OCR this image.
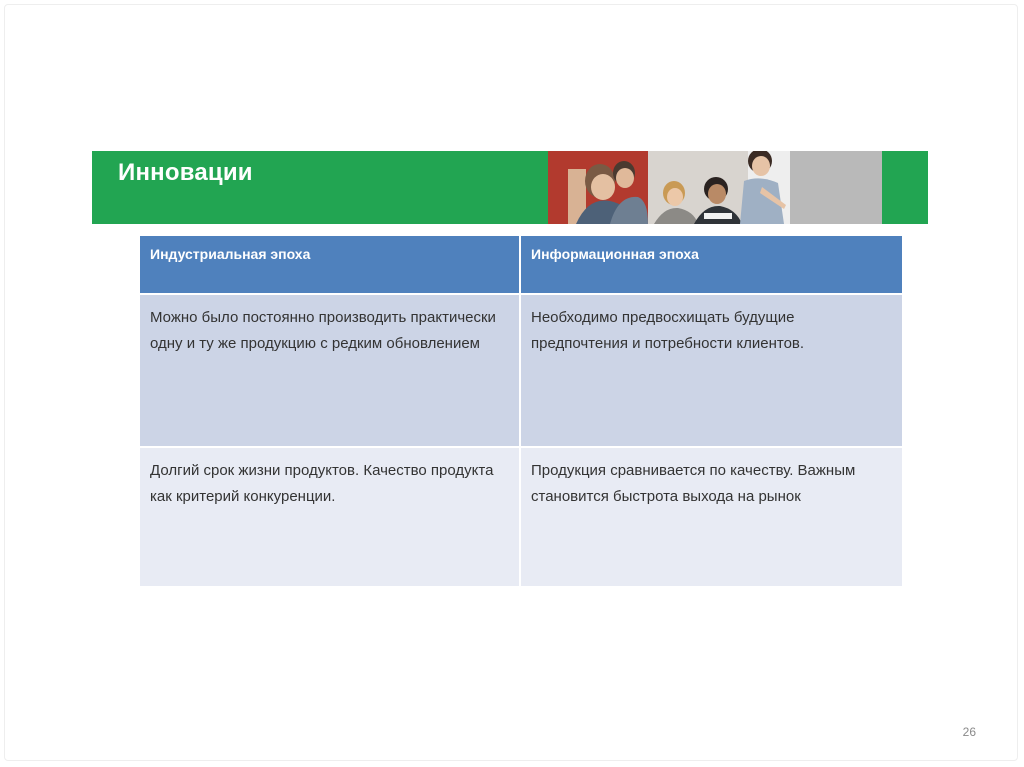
Инновации
Индустриальная эпоха	Информационная эпоха
Можно было постоянно производить практически одну и ту же продукцию с редким обновлением	Необходимо предвосхищать будущие предпочтения и потребности клиентов.
Долгий срок жизни продуктов. Качество продукта как критерий конкуренции.	Продукция сравнивается по качеству. Важным становится быстрота выхода на рынок
26
